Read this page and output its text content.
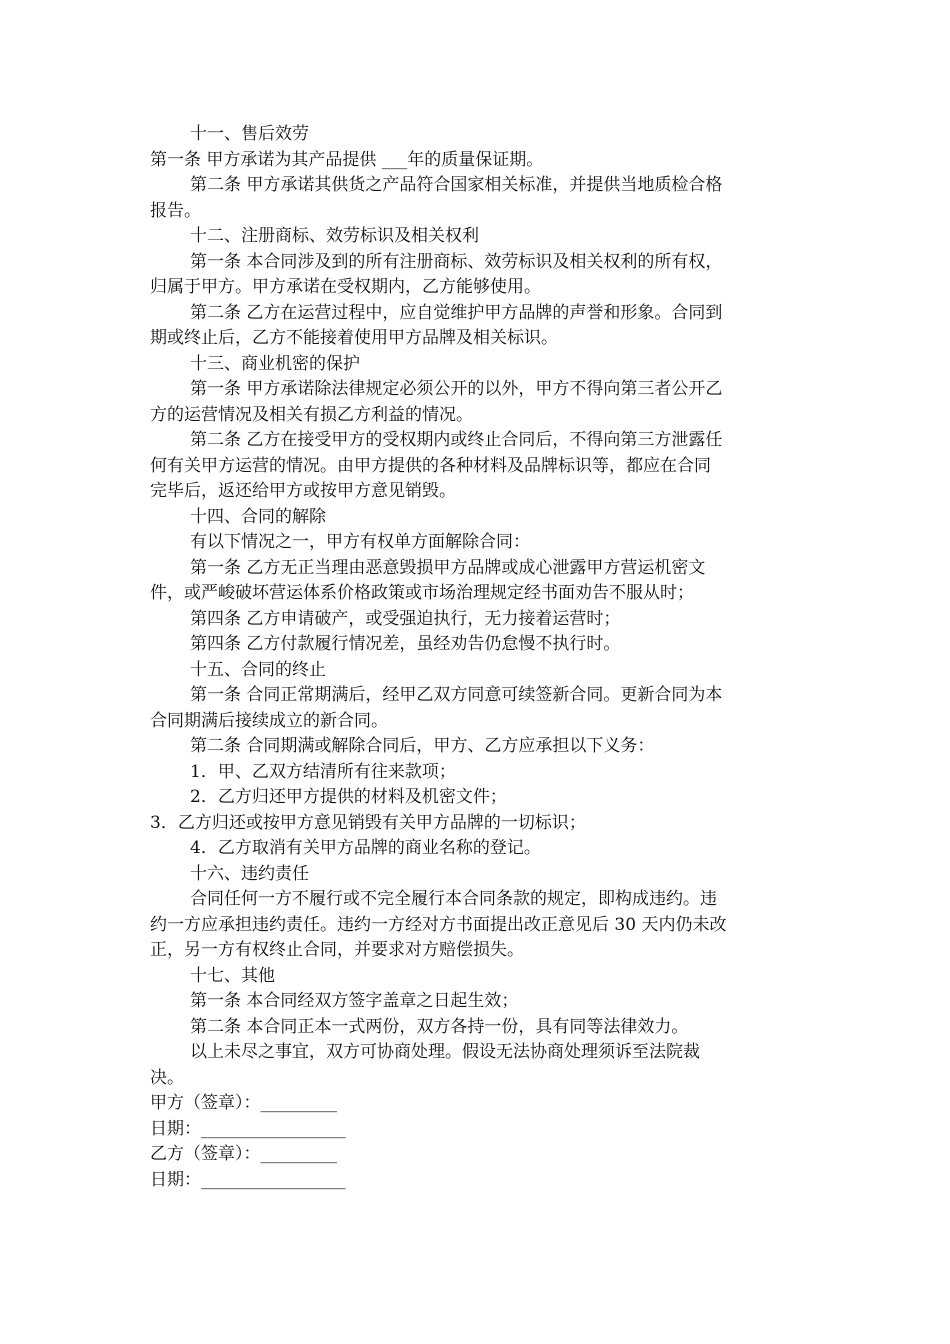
十一、售后效劳
第一条 甲方承诺为其产品提供 ___年的质量保证期。
第二条 甲方承诺其供货之产品符合国家相关标准，并提供当地质检合格
报告。
十二、注册商标、效劳标识及相关权利
第一条 本合同涉及到的所有注册商标、效劳标识及相关权利的所有权，
归属于甲方。甲方承诺在受权期内，乙方能够使用。
第二条 乙方在运营过程中，应自觉维护甲方品牌的声誉和形象。合同到
期或终止后，乙方不能接着使用甲方品牌及相关标识。
十三、商业机密的保护
第一条 甲方承诺除法律规定必须公开的以外，甲方不得向第三者公开乙
方的运营情况及相关有损乙方利益的情况。
第二条 乙方在接受甲方的受权期内或终止合同后，不得向第三方泄露任
何有关甲方运营的情况。由甲方提供的各种材料及品牌标识等，都应在合同
完毕后，返还给甲方或按甲方意见销毁。
十四、合同的解除
有以下情况之一，甲方有权单方面解除合同：
第一条 乙方无正当理由恶意毁损甲方品牌或成心泄露甲方营运机密文
件，或严峻破坏营运体系价格政策或市场治理规定经书面劝告不服从时；
第四条 乙方申请破产，或受强迫执行，无力接着运营时；
第四条 乙方付款履行情况差，虽经劝告仍怠慢不执行时。
十五、合同的终止
第一条 合同正常期满后，经甲乙双方同意可续签新合同。更新合同为本
合同期满后接续成立的新合同。
第二条 合同期满或解除合同后，甲方、乙方应承担以下义务：
1．甲、乙双方结清所有往来款项；
2．乙方归还甲方提供的材料及机密文件；
3．乙方归还或按甲方意见销毁有关甲方品牌的一切标识；
4．乙方取消有关甲方品牌的商业名称的登记。
十六、违约责任
合同任何一方不履行或不完全履行本合同条款的规定，即构成违约。违
约一方应承担违约责任。违约一方经对方书面提出改正意见后 30 天内仍未改
正，另一方有权终止合同，并要求对方赔偿损失。
十七、其他
第一条 本合同经双方签字盖章之日起生效；
第二条 本合同正本一式两份，双方各持一份，具有同等法律效力。
以上未尽之事宜，双方可协商处理。假设无法协商处理须诉至法院裁
决。
甲方（签章）：_________
日期：_________________
乙方（签章）：_________
日期：_________________
